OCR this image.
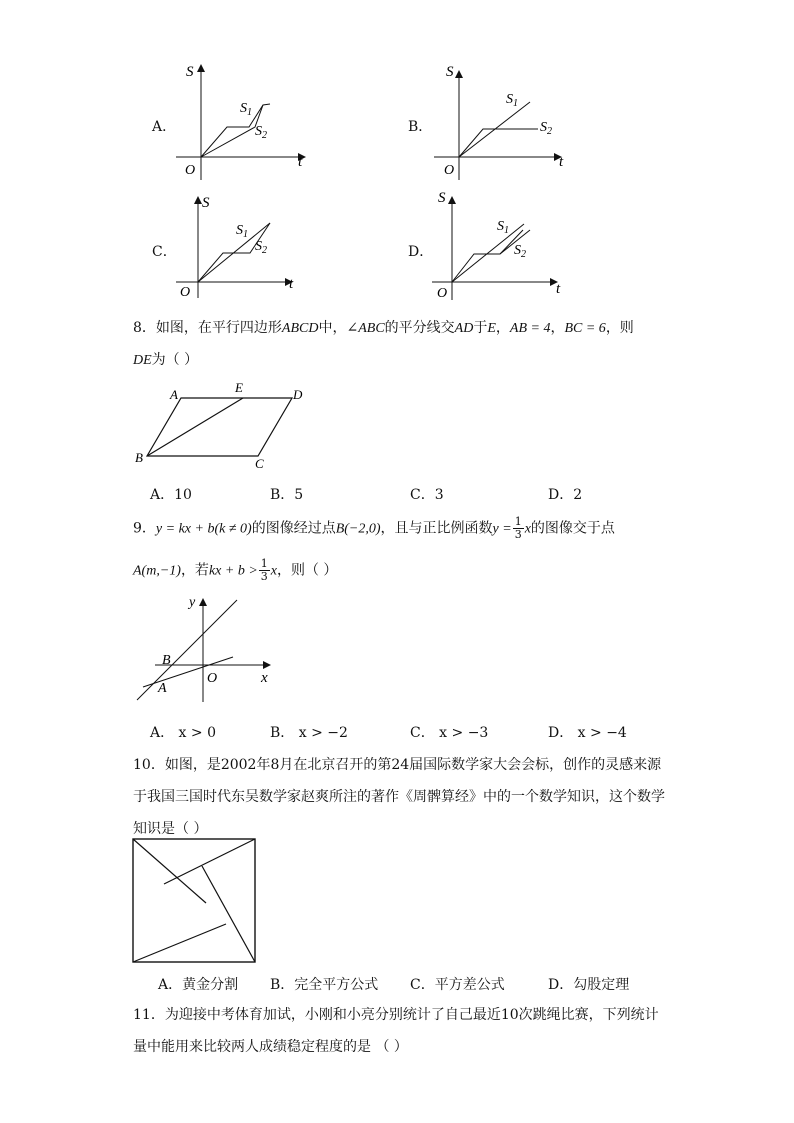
A．
S
t
O
$S_1$
$S_2$
B．
S
t
O
$S_1$
$S_2$
C．
S
t
O
$S_1$
$S_2$	D．
S
t
O
$S_1$
$S_2$
8．如图，在平行四边形ABCD中，∠ABC的平分线交AD于E，AB = 4，BC = 6，则
DE为（ ）
A	E	D
B	C
A．10	B．5	C．3	D．2
9．y = kx + b(k ≠ 0)的图像经过点B(−2,0)，且与正比例函数$y = \frac{1}{3}$ x的图像交于点
A(m,−1)，若kx + $b > \frac{1}{3}$ x，则（ ）
y
x
B
O
A
A． x > 0	B． x > −2	C． x > −3	D． x > −4
10．如图，是2002年8月在北京召开的第24届国际数学家大会会标，创作的灵感来源
于我国三国时代东吴数学家赵爽所注的著作《周髀算经》中的一个数学知识，这个数学
知识是（ ）
A．黄金分割 B．完全平方公式 C．平方差公式	D．勾股定理
11．为迎接中考体育加试，小刚和小亮分别统计了自己最近10次跳绳比赛，下列统计
量中能用来比较两人成绩稳定程度的是 （ ）
